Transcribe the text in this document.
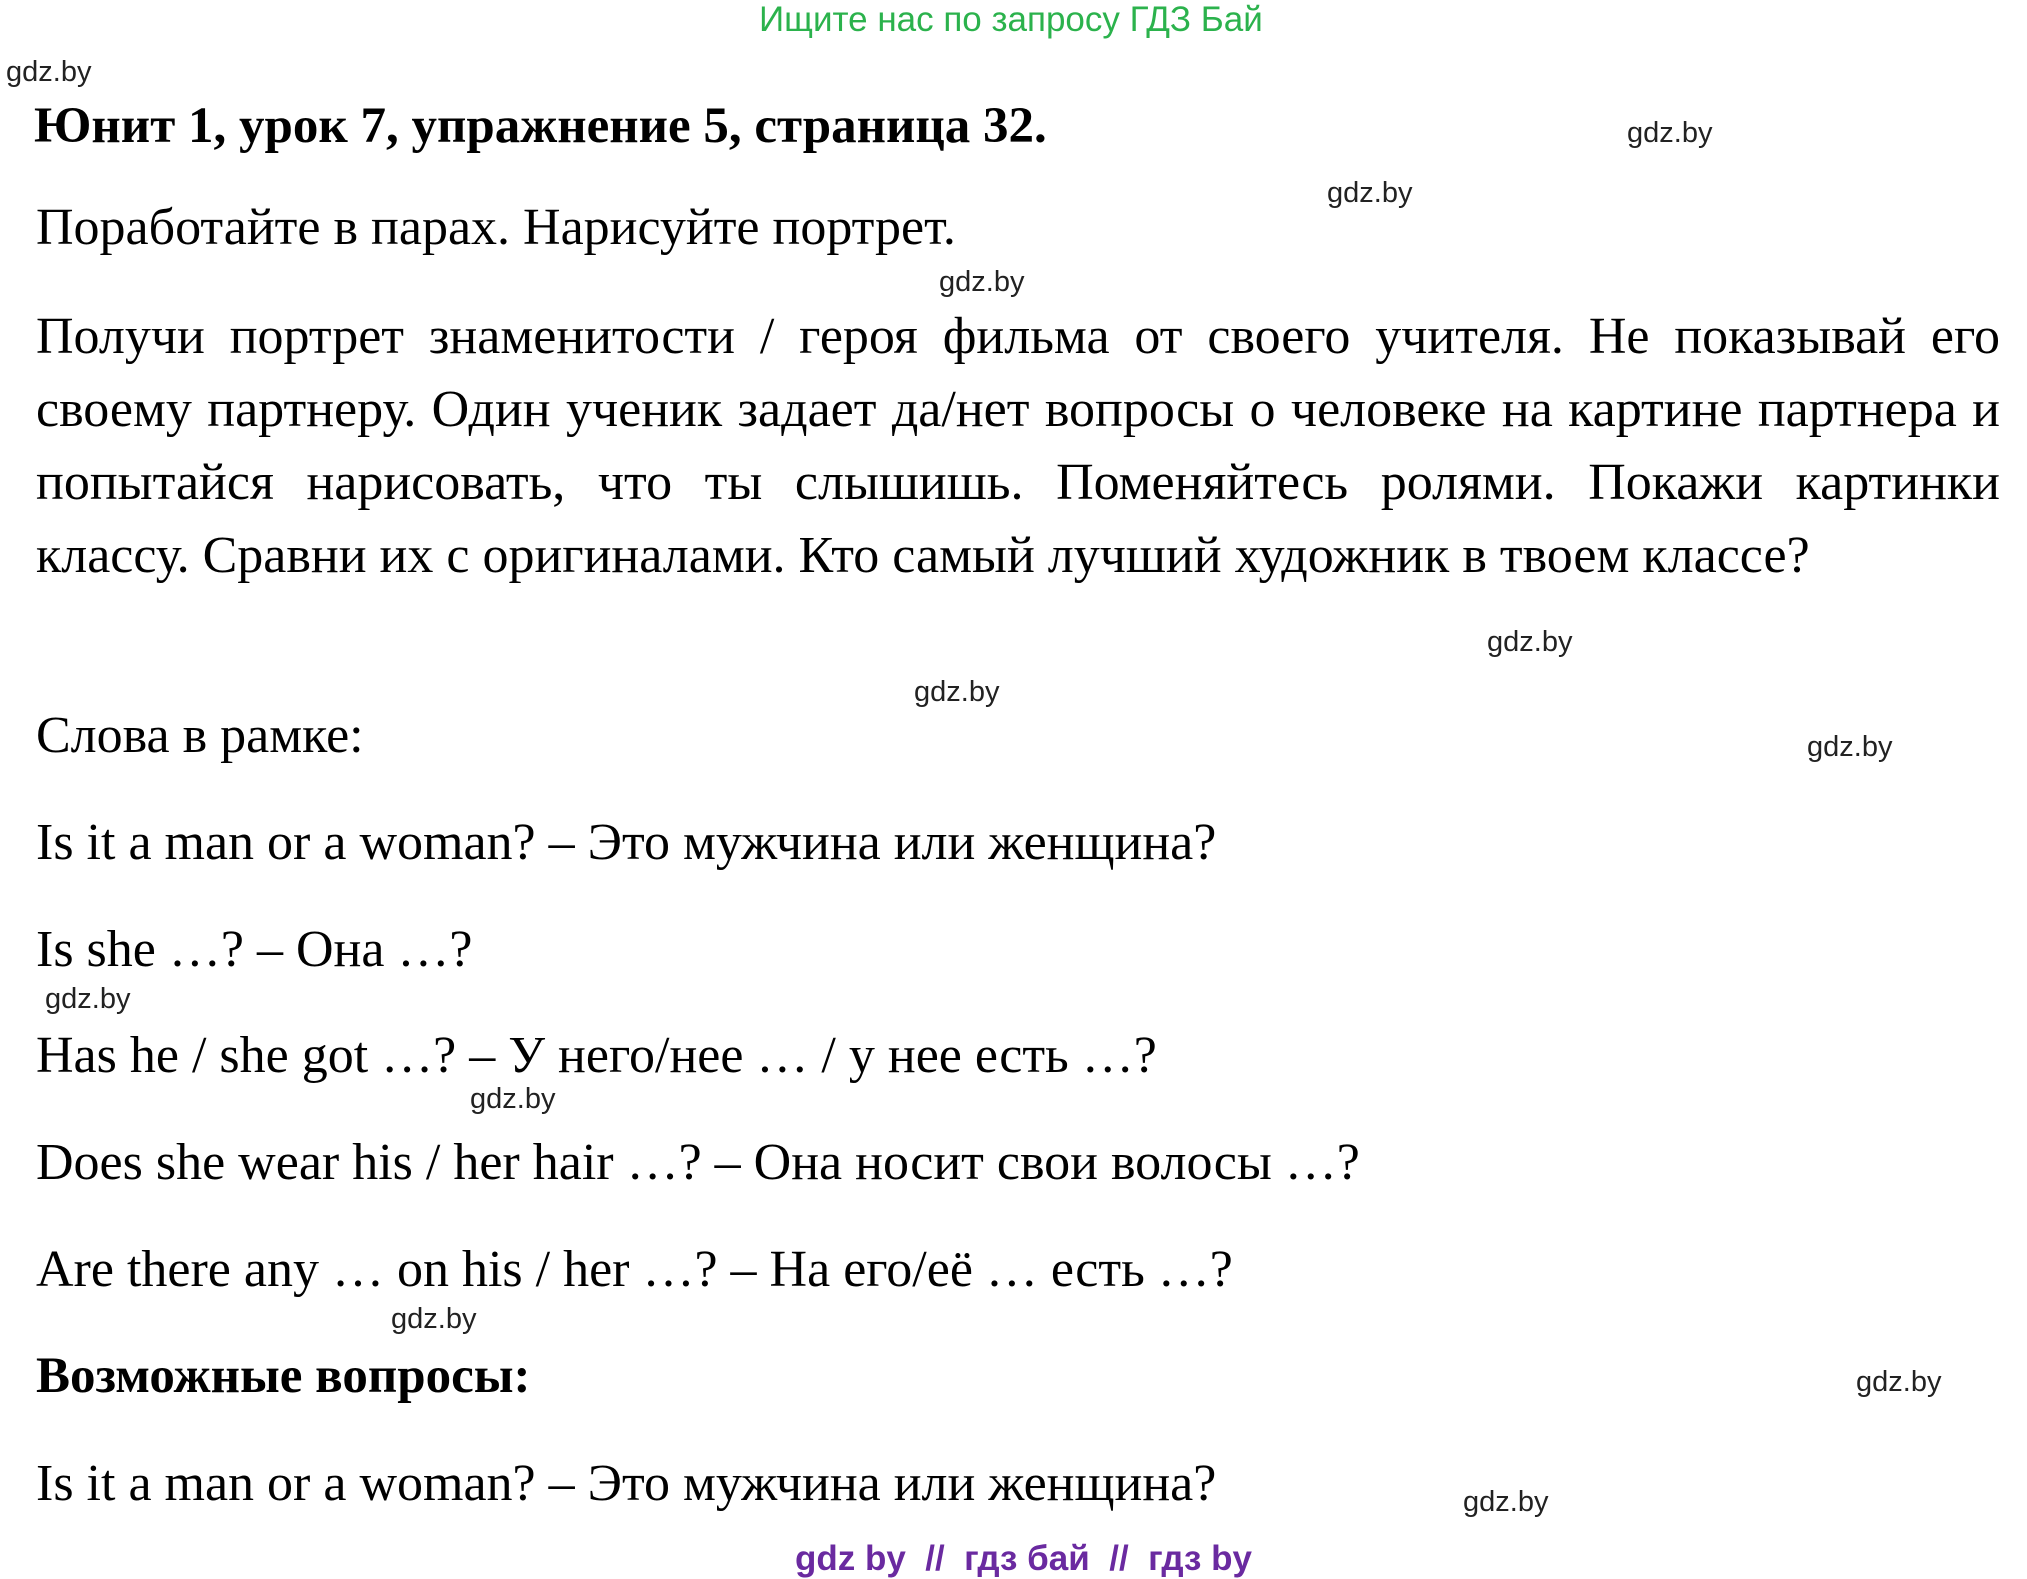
Ищите нас по запросу ГДЗ Бай
Юнит 1, урок 7, упражнение 5, страница 32.
Поработайте в парах. Нарисуйте портрет.
Получи портрет знаменитости / героя фильма от своего учителя. Не показывай его своему партнеру. Один ученик задает да/нет вопросы о человеке на картине партнера и попытайся нарисовать, что ты слышишь. Поменяйтесь ролями. Покажи картинки классу. Сравни их с оригиналами. Кто самый лучший художник в твоем классе?
Слова в рамке:
Is it a man or a woman? – Это мужчина или женщина?
Is she …? – Она …?
Has he / she got …? – У него/нее … / у нее есть …?
Does she wear his / her hair …? – Она носит свои волосы …?
Are there any … on his / her …? – На его/её … есть …?
Возможные вопросы:
Is it a man or a woman? – Это мужчина или женщина?
gdz.by
gdz.by
gdz.by
gdz.by
gdz.by
gdz.by
gdz.by
gdz.by
gdz.by
gdz.by
gdz.by
gdz.by
gdz by  //  гдз бай  //  гдз by
